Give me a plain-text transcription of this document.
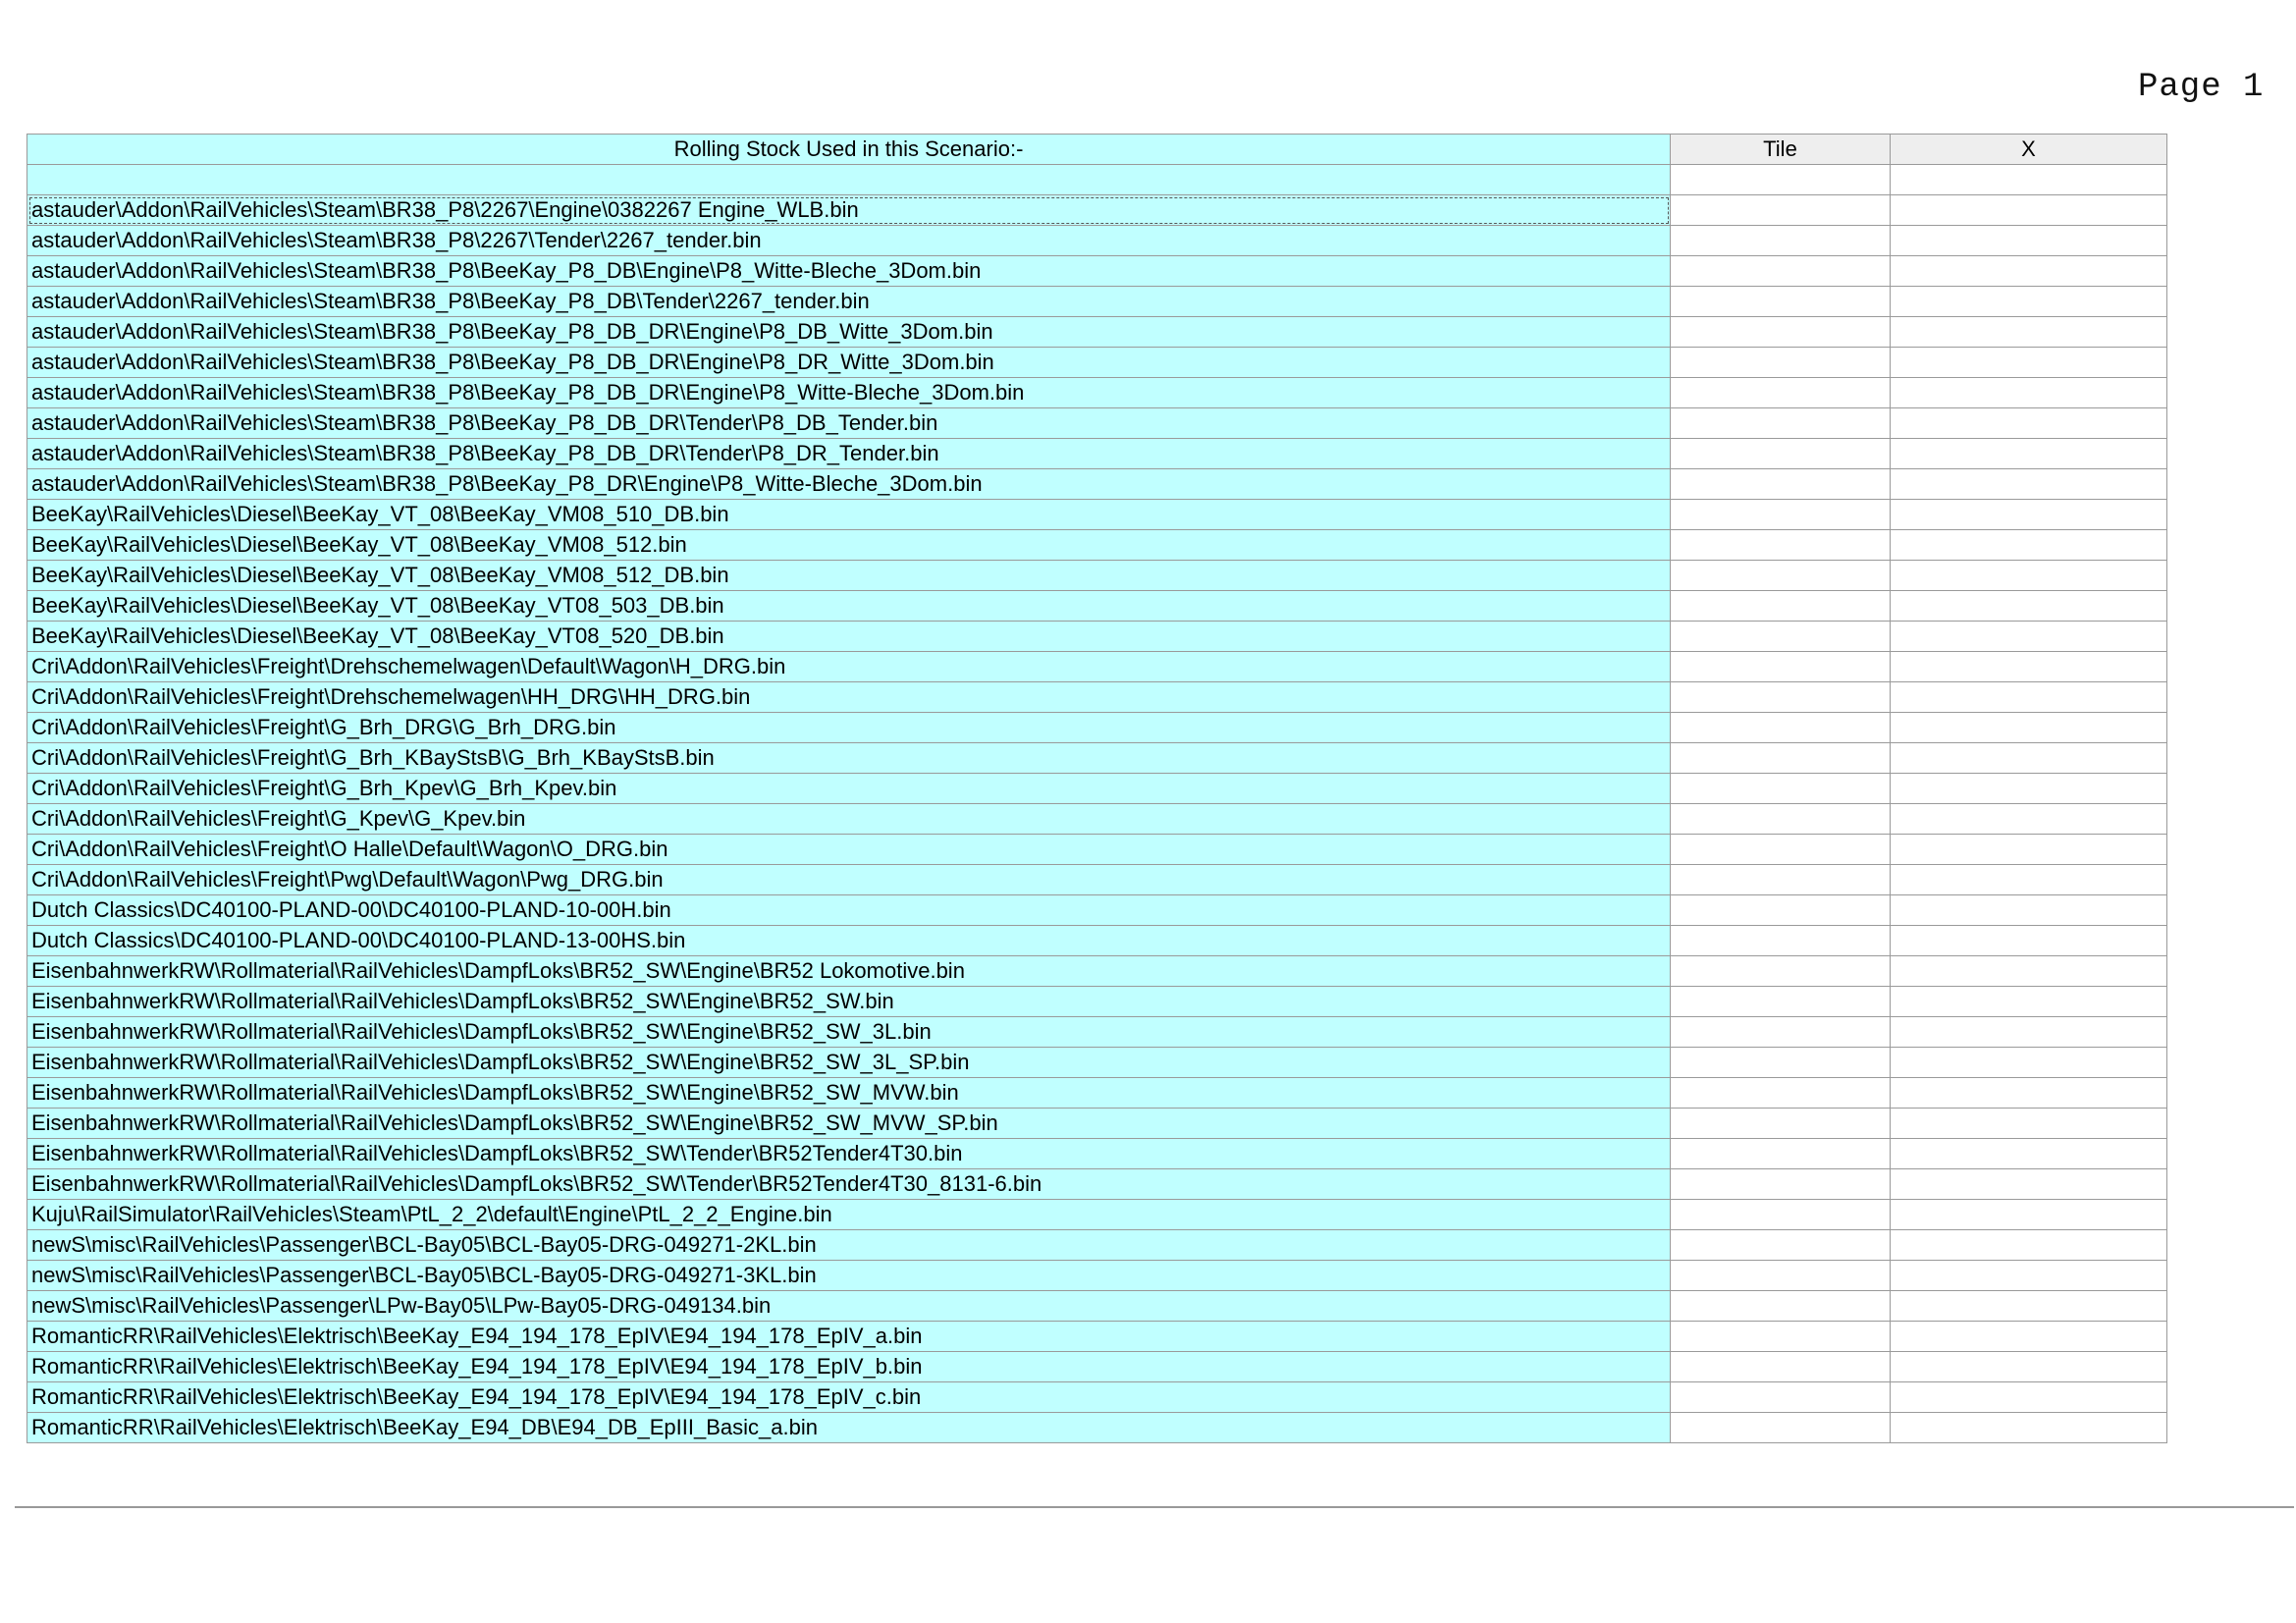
Page 1
Rolling Stock Used in this Scenario:-	Tile	X

astauder\Addon\RailVehicles\Steam\BR38_P8\2267\Engine\0382267 Engine_WLB.bin		
astauder\Addon\RailVehicles\Steam\BR38_P8\2267\Tender\2267_tender.bin		
astauder\Addon\RailVehicles\Steam\BR38_P8\BeeKay_P8_DB\Engine\P8_Witte-Bleche_3Dom.bin		
astauder\Addon\RailVehicles\Steam\BR38_P8\BeeKay_P8_DB\Tender\2267_tender.bin		
astauder\Addon\RailVehicles\Steam\BR38_P8\BeeKay_P8_DB_DR\Engine\P8_DB_Witte_3Dom.bin		
astauder\Addon\RailVehicles\Steam\BR38_P8\BeeKay_P8_DB_DR\Engine\P8_DR_Witte_3Dom.bin		
astauder\Addon\RailVehicles\Steam\BR38_P8\BeeKay_P8_DB_DR\Engine\P8_Witte-Bleche_3Dom.bin		
astauder\Addon\RailVehicles\Steam\BR38_P8\BeeKay_P8_DB_DR\Tender\P8_DB_Tender.bin		
astauder\Addon\RailVehicles\Steam\BR38_P8\BeeKay_P8_DB_DR\Tender\P8_DR_Tender.bin		
astauder\Addon\RailVehicles\Steam\BR38_P8\BeeKay_P8_DR\Engine\P8_Witte-Bleche_3Dom.bin		
BeeKay\RailVehicles\Diesel\BeeKay_VT_08\BeeKay_VM08_510_DB.bin		
BeeKay\RailVehicles\Diesel\BeeKay_VT_08\BeeKay_VM08_512.bin		
BeeKay\RailVehicles\Diesel\BeeKay_VT_08\BeeKay_VM08_512_DB.bin		
BeeKay\RailVehicles\Diesel\BeeKay_VT_08\BeeKay_VT08_503_DB.bin		
BeeKay\RailVehicles\Diesel\BeeKay_VT_08\BeeKay_VT08_520_DB.bin		
Cri\Addon\RailVehicles\Freight\Drehschemelwagen\Default\Wagon\H_DRG.bin		
Cri\Addon\RailVehicles\Freight\Drehschemelwagen\HH_DRG\HH_DRG.bin		
Cri\Addon\RailVehicles\Freight\G_Brh_DRG\G_Brh_DRG.bin		
Cri\Addon\RailVehicles\Freight\G_Brh_KBayStsB\G_Brh_KBayStsB.bin		
Cri\Addon\RailVehicles\Freight\G_Brh_Kpev\G_Brh_Kpev.bin		
Cri\Addon\RailVehicles\Freight\G_Kpev\G_Kpev.bin		
Cri\Addon\RailVehicles\Freight\O Halle\Default\Wagon\O_DRG.bin		
Cri\Addon\RailVehicles\Freight\Pwg\Default\Wagon\Pwg_DRG.bin		
Dutch Classics\DC40100-PLAND-00\DC40100-PLAND-10-00H.bin		
Dutch Classics\DC40100-PLAND-00\DC40100-PLAND-13-00HS.bin		
EisenbahnwerkRW\Rollmaterial\RailVehicles\DampfLoks\BR52_SW\Engine\BR52 Lokomotive.bin		
EisenbahnwerkRW\Rollmaterial\RailVehicles\DampfLoks\BR52_SW\Engine\BR52_SW.bin		
EisenbahnwerkRW\Rollmaterial\RailVehicles\DampfLoks\BR52_SW\Engine\BR52_SW_3L.bin		
EisenbahnwerkRW\Rollmaterial\RailVehicles\DampfLoks\BR52_SW\Engine\BR52_SW_3L_SP.bin		
EisenbahnwerkRW\Rollmaterial\RailVehicles\DampfLoks\BR52_SW\Engine\BR52_SW_MVW.bin		
EisenbahnwerkRW\Rollmaterial\RailVehicles\DampfLoks\BR52_SW\Engine\BR52_SW_MVW_SP.bin		
EisenbahnwerkRW\Rollmaterial\RailVehicles\DampfLoks\BR52_SW\Tender\BR52Tender4T30.bin		
EisenbahnwerkRW\Rollmaterial\RailVehicles\DampfLoks\BR52_SW\Tender\BR52Tender4T30_8131-6.bin		
Kuju\RailSimulator\RailVehicles\Steam\PtL_2_2\default\Engine\PtL_2_2_Engine.bin		
newS\misc\RailVehicles\Passenger\BCL-Bay05\BCL-Bay05-DRG-049271-2KL.bin		
newS\misc\RailVehicles\Passenger\BCL-Bay05\BCL-Bay05-DRG-049271-3KL.bin		
newS\misc\RailVehicles\Passenger\LPw-Bay05\LPw-Bay05-DRG-049134.bin		
RomanticRR\RailVehicles\Elektrisch\BeeKay_E94_194_178_EpIV\E94_194_178_EpIV_a.bin		
RomanticRR\RailVehicles\Elektrisch\BeeKay_E94_194_178_EpIV\E94_194_178_EpIV_b.bin		
RomanticRR\RailVehicles\Elektrisch\BeeKay_E94_194_178_EpIV\E94_194_178_EpIV_c.bin		
RomanticRR\RailVehicles\Elektrisch\BeeKay_E94_DB\E94_DB_EpIII_Basic_a.bin		
